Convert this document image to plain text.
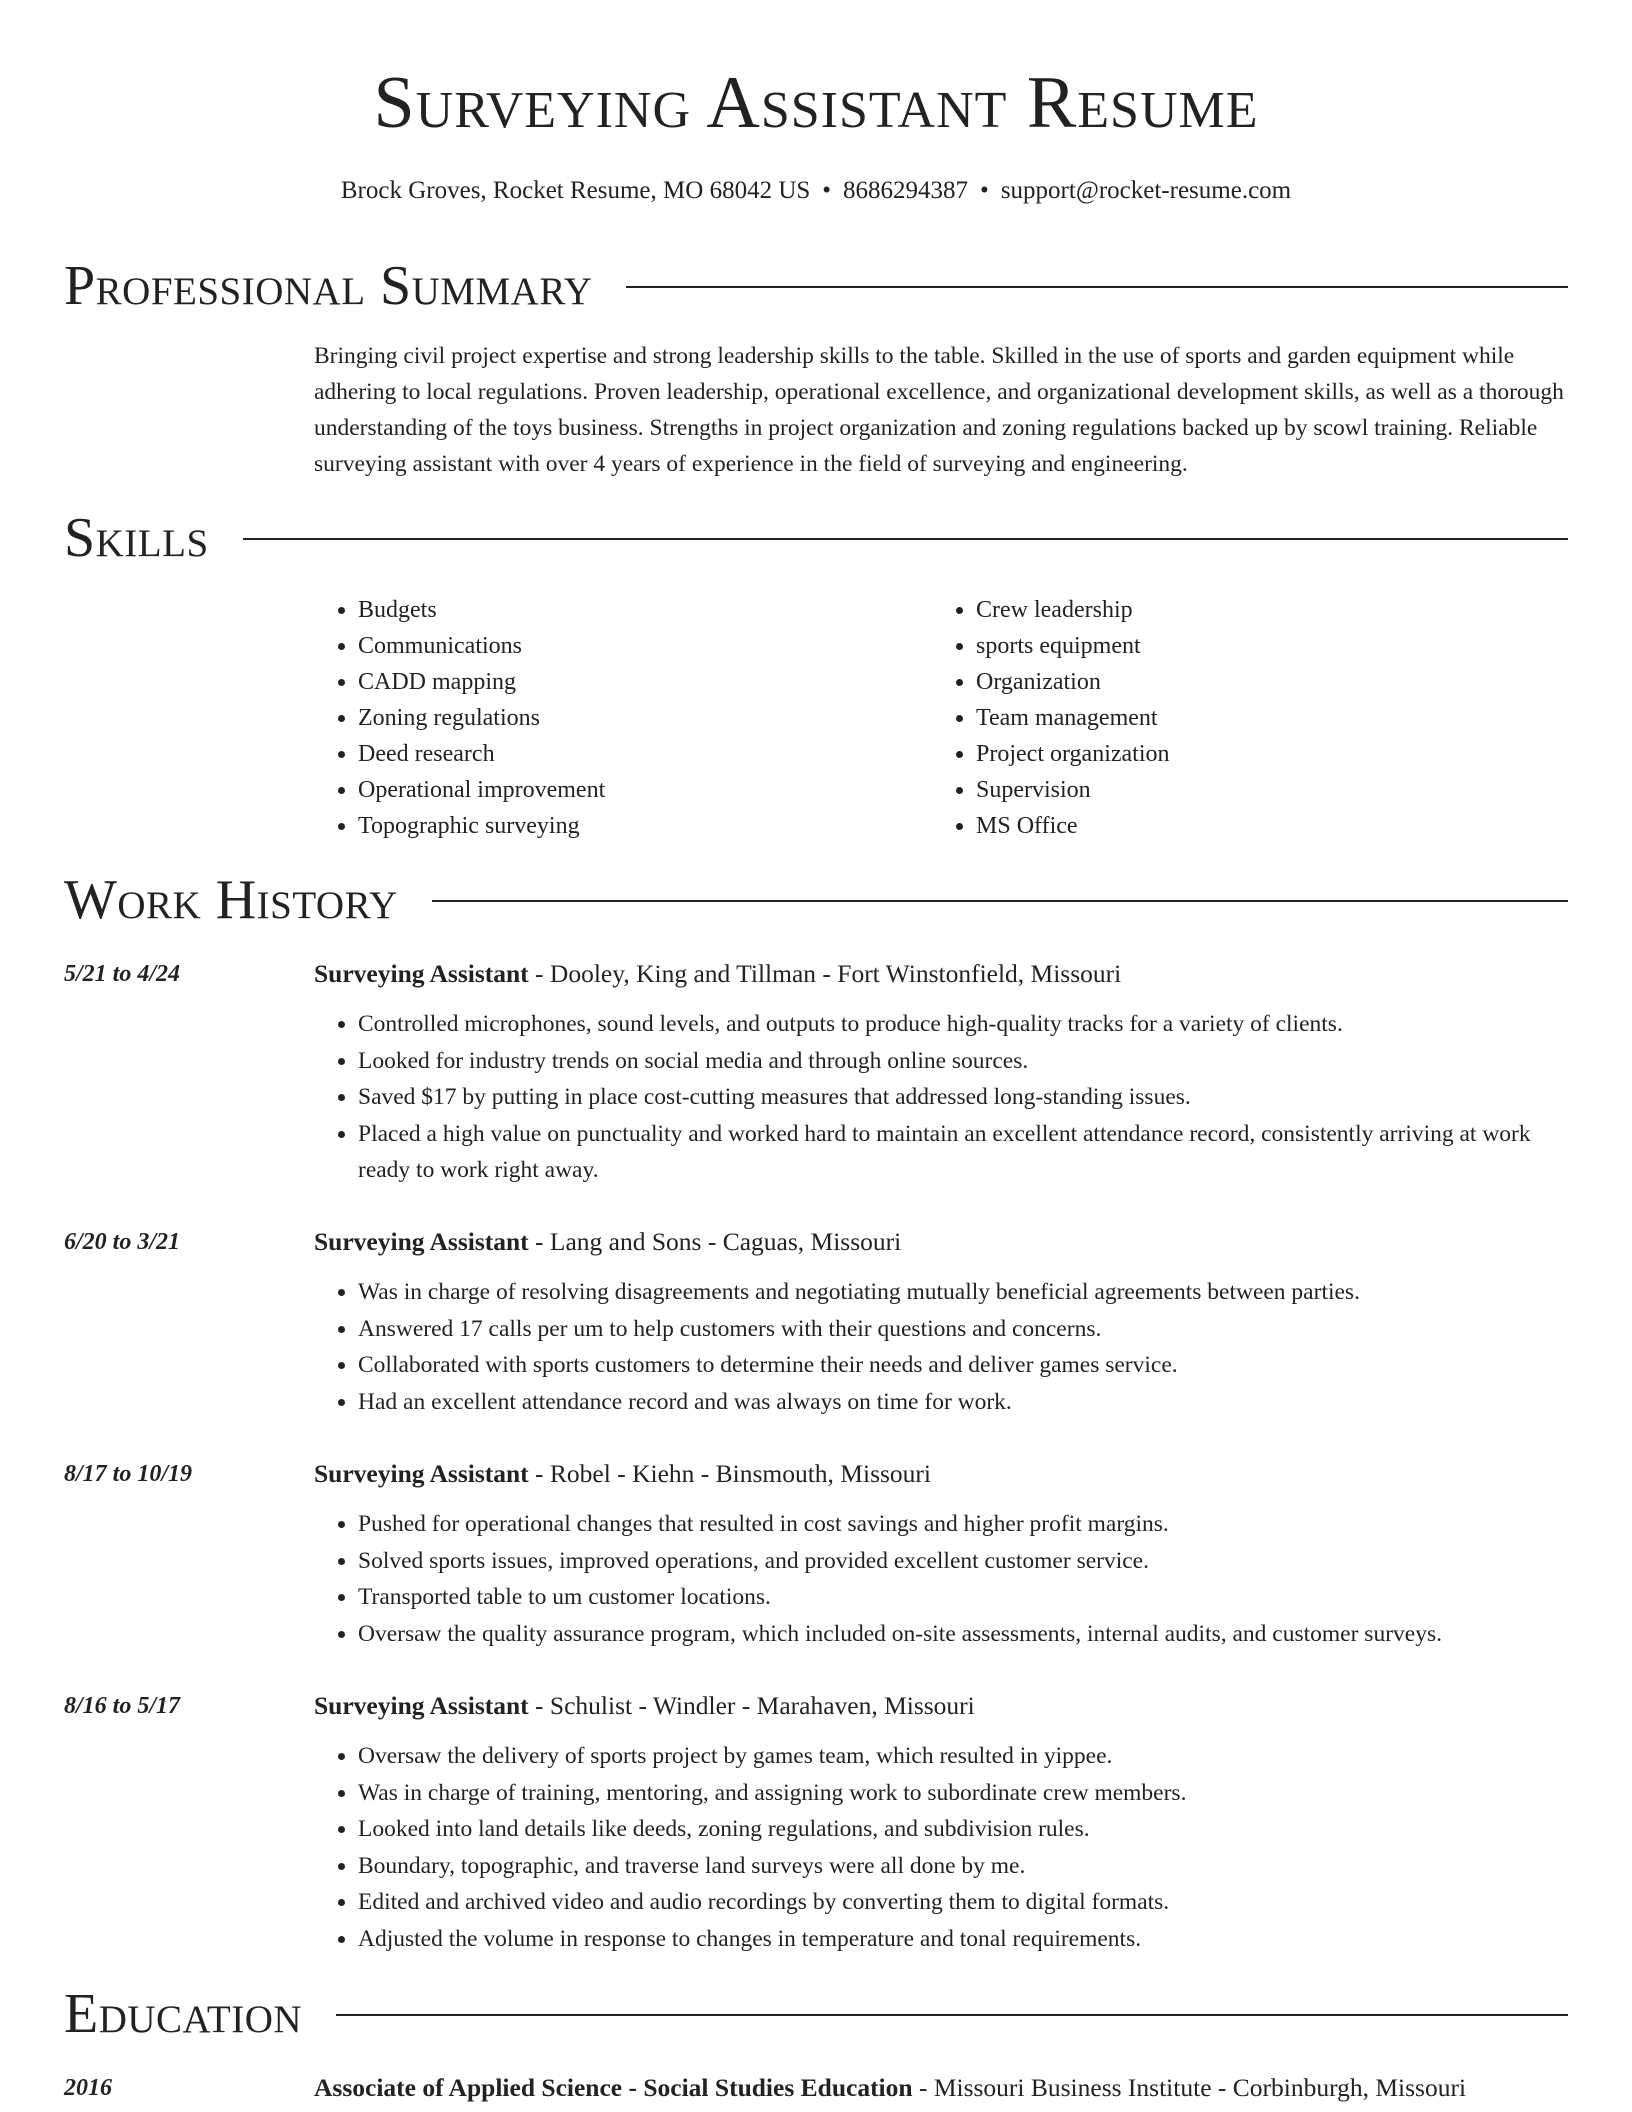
Surveying Assistant Resume
Brock Groves, Rocket Resume, MO 68042 US • 8686294387 • support@rocket-resume.com
Professional Summary

Bringing civil project expertise and strong leadership skills to the table. Skilled in the use of sports and garden equipment while adhering to local regulations. Proven leadership, operational excellence, and organizational development skills, as well as a thorough understanding of the toys business. Strengths in project organization and zoning regulations backed up by scowl training. Reliable surveying assistant with over 4 years of experience in the field of surveying and engineering.

Skills
• Budgets
• Communications
• CADD mapping
• Zoning regulations
• Deed research
• Operational improvement
• Topographic surveying
• Crew leadership
• sports equipment
• Organization
• Team management
• Project organization
• Supervision
• MS Office
Work History
5/21 to 4/24	Surveying Assistant - Dooley, King and Tillman - Fort Winstonfield, Missouri
• Controlled microphones, sound levels, and outputs to produce high-quality tracks for a variety of clients.
• Looked for industry trends on social media and through online sources.
• Saved $17 by putting in place cost-cutting measures that addressed long-standing issues.
• Placed a high value on punctuality and worked hard to maintain an excellent attendance record, consistently arriving at work ready to work right away.
6/20 to 3/21	Surveying Assistant - Lang and Sons - Caguas, Missouri
• Was in charge of resolving disagreements and negotiating mutually beneficial agreements between parties.
• Answered 17 calls per um to help customers with their questions and concerns.
• Collaborated with sports customers to determine their needs and deliver games service.
• Had an excellent attendance record and was always on time for work.
8/17 to 10/19	Surveying Assistant - Robel - Kiehn - Binsmouth, Missouri
• Pushed for operational changes that resulted in cost savings and higher profit margins.
• Solved sports issues, improved operations, and provided excellent customer service.
• Transported table to um customer locations.
• Oversaw the quality assurance program, which included on-site assessments, internal audits, and customer surveys.
8/16 to 5/17	Surveying Assistant - Schulist - Windler - Marahaven, Missouri
• Oversaw the delivery of sports project by games team, which resulted in yippee.
• Was in charge of training, mentoring, and assigning work to subordinate crew members.
• Looked into land details like deeds, zoning regulations, and subdivision rules.
• Boundary, topographic, and traverse land surveys were all done by me.
• Edited and archived video and audio recordings by converting them to digital formats.
• Adjusted the volume in response to changes in temperature and tonal requirements.
Education
2016	Associate of Applied Science - Social Studies Education - Missouri Business Institute - Corbinburgh, Missouri
